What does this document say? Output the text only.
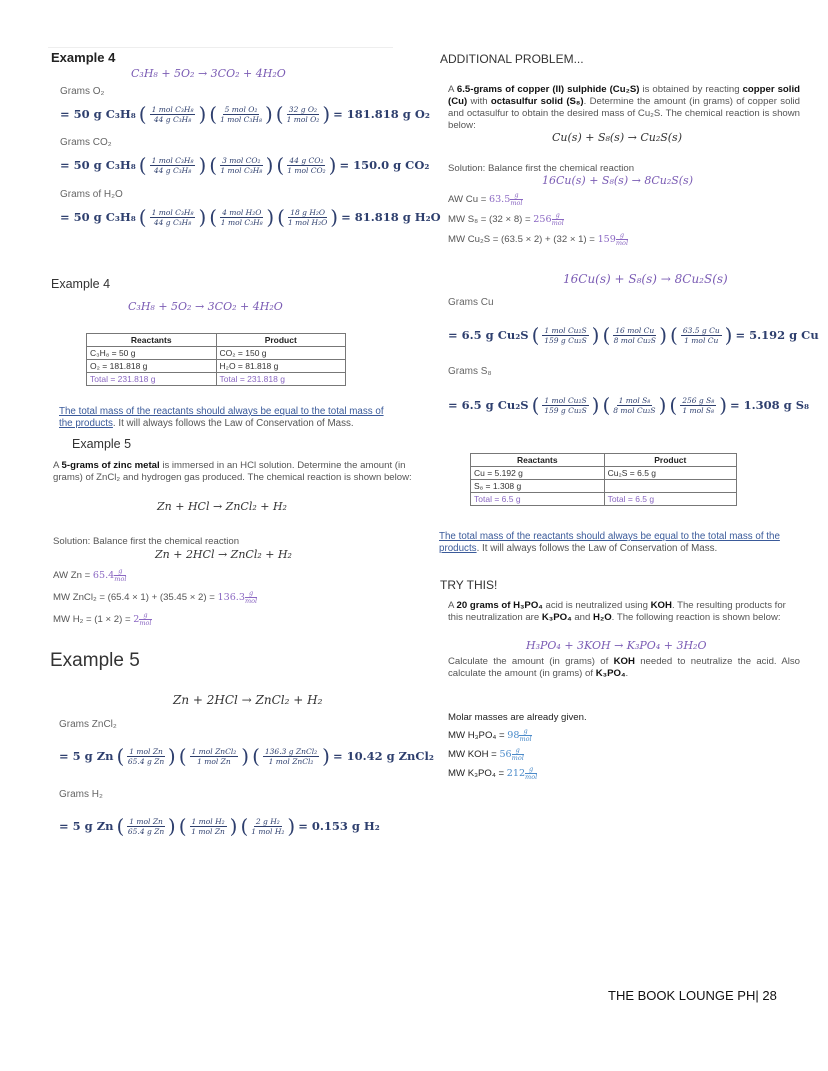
Example 4
C₃H₈ + 5O₂ → 3CO₂ + 4H₂O
Grams O₂
= 50 g C₃H₈ ( $\frac{\text{1 mol C₃H₈}}{\text{44 g C₃H₈}}$ ) ( $\frac{\text{5 mol O₂}}{\text{1 mol C₃H₈}}$ ) ( $\frac{\text{32 g O₂}}{\text{1 mol O₂}}$ ) = 181.818 g O₂
Grams CO₂
= 50 g C₃H₈ ( $\frac{\text{1 mol C₃H₈}}{\text{44 g C₃H₈}}$ ) ( $\frac{\text{3 mol CO₂}}{\text{1 mol C₃H₈}}$ ) ( $\frac{\text{44 g CO₂}}{\text{1 mol CO₂}}$ ) = 150.0 g CO₂
Grams of H₂O
= 50 g C₃H₈ ( $\frac{\text{1 mol C₃H₈}}{\text{44 g C₃H₈}}$ ) ( $\frac{\text{4 mol H₂O}}{\text{1 mol C₃H₈}}$ ) ( $\frac{\text{18 g H₂O}}{\text{1 mol H₂O}}$ ) = 81.818 g H₂O
Example 4
C₃H₈ + 5O₂ → 3CO₂ + 4H₂O
Reactants	Product
C₃H₈ = 50 g	CO₂ = 150 g
O₂ = 181.818 g	H₂O = 81.818 g
Total = 231.818 g	Total = 231.818 g
The total mass of the reactants should always be equal to the total mass of the products. It will always follows the Law of Conservation of Mass.
Example 5
A 5-grams of zinc metal is immersed in an HCl solution. Determine the amount (in grams) of ZnCl₂ and hydrogen gas produced. The chemical reaction is shown below:
Zn + HCl → ZnCl₂ + H₂
Solution: Balance first the chemical reaction
Zn + 2HCl → ZnCl₂ + H₂
AW Zn = 65.4 g
mol
MW ZnCl₂ = (65.4 × 1) + (35.45 × 2) = 136.3 g
mol
MW H₂ = (1 × 2) = 2 g
mol
Example 5
Zn + 2HCl → ZnCl₂ + H₂
Grams ZnCl₂
= 5 g Zn ( $\frac{\text{1 mol Zn}}{\text{65.4 g Zn}}$ ) ( $\frac{\text{1 mol ZnCl₂}}{\text{1 mol Zn}}$ ) ( $\frac{\text{136.3 g ZnCl₂}}{\text{1 mol ZnCl₂}}$ ) = 10.42 g ZnCl₂
Grams H₂
= 5 g Zn ( $\frac{\text{1 mol Zn}}{\text{65.4 g Zn}}$ ) ( $\frac{\text{1 mol H₂}}{\text{1 mol Zn}}$ ) ( $\frac{\text{2 g H₂}}{\text{1 mol H₂}}$ ) = 0.153 g H₂
ADDITIONAL PROBLEM...
A 6.5-grams of copper (II) sulphide (Cu₂S) is obtained by reacting copper solid (Cu) with octasulfur solid (S₈). Determine the amount (in grams) of copper solid and octasulfur to obtain the desired mass of Cu₂S. The chemical reaction is shown below:
Cu(s) + S₈(s) → Cu₂S(s)
Solution: Balance first the chemical reaction
16Cu(s) + S₈(s) → 8Cu₂S(s)
AW Cu = 63.5 g
mol
MW S₈ = (32 × 8) = 256 g
mol
MW Cu₂S = (63.5 × 2) + (32 × 1) = 159 g
mol
16Cu(s) + S₈(s) → 8Cu₂S(s)
Grams Cu
= 6.5 g Cu₂S ( $\frac{\text{1 mol Cu₂S}}{\text{159 g Cu₂S}}$ ) ( $\frac{\text{16 mol Cu}}{\text{8 mol Cu₂S}}$ ) ( $\frac{\text{63.5 g Cu}}{\text{1 mol Cu}}$ ) = 5.192 g Cu
Grams S₈
= 6.5 g Cu₂S ( $\frac{\text{1 mol Cu₂S}}{\text{159 g Cu₂S}}$ ) ( $\frac{\text{1 mol S₈}}{\text{8 mol Cu₂S}}$ ) ( $\frac{\text{256 g S₈}}{\text{1 mol S₈}}$ ) = 1.308 g S₈
Reactants	Product
Cu = 5.192 g	Cu₂S = 6.5 g
S₈ = 1.308 g	
Total = 6.5 g	Total = 6.5 g
The total mass of the reactants should always be equal to the total mass of the products. It will always follows the Law of Conservation of Mass.
TRY THIS!
A 20 grams of H₃PO₄ acid is neutralized using KOH. The resulting products for this neutralization are K₃PO₄ and H₂O. The following reaction is shown below:
H₃PO₄ + 3KOH → K₃PO₄ + 3H₂O
Calculate the amount (in grams) of KOH needed to neutralize the acid. Also calculate the amount (in grams) of K₃PO₄.
Molar masses are already given.
MW H₃PO₄ = 98 g
mol
MW KOH = 56 g
mol
MW K₃PO₄ = 212 g
mol
THE BOOK LOUNGE PH| 28
